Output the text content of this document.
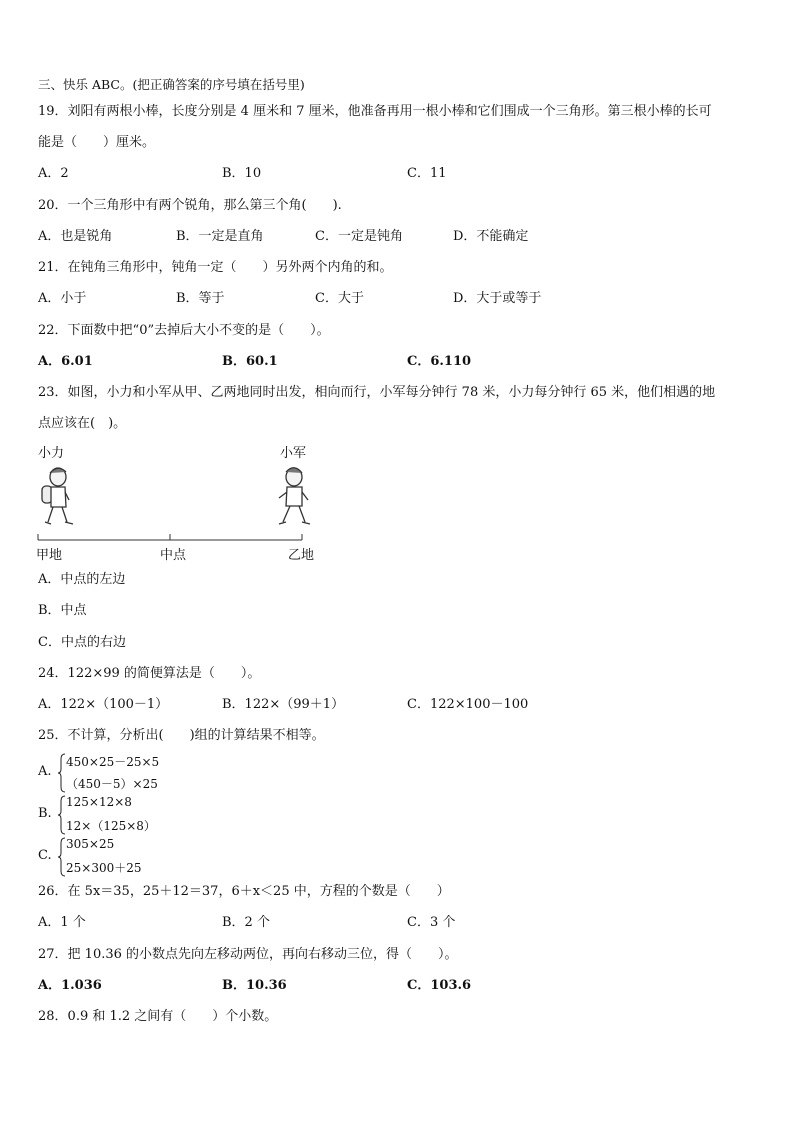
三、快乐 ABC。(把正确答案的序号填在括号里)
19．刘阳有两根小棒，长度分别是 4 厘米和 7 厘米，他准备再用一根小棒和它们围成一个三角形。第三根小棒的长可
能是（　　）厘米。
A．2	B．10	C．11
20．一个三角形中有两个锐角，那么第三个角(　　).
A．也是锐角	B．一定是直角	C．一定是钝角	D．不能确定
21．在钝角三角形中，钝角一定（　　）另外两个内角的和。
A．小于	B．等于	C．大于	D．大于或等于
22．下面数中把“0”去掉后大小不变的是（　　）。
A．6.01	B．60.1	C．6.110
23．如图，小力和小军从甲、乙两地同时出发，相向而行，小军每分钟行 78 米，小力每分钟行 65 米，他们相遇的地
点应该在(　)。
小力	小军
甲地	中点	乙地
A．中点的左边
B．中点
C．中点的右边
24．122×99 的简便算法是（　　）。
A．122×（100－1）	B．122×（99＋1）	C．122×100－100
25．不计算，分析出(　　)组的计算结果不相等。
A.
450×25－25×5
（450－5）×25
B.
125×12×8
12×（125×8）
C.
305×25
25×300＋25
26．在 5x＝35，25＋12＝37，6＋x＜25 中，方程的个数是（　　）
A．1 个	B．2 个	C．3 个
27．把 10.36 的小数点先向左移动两位，再向右移动三位，得（　　）。
A．1.036	B．10.36	C．103.6
28．0.9 和 1.2 之间有（　　）个小数。
